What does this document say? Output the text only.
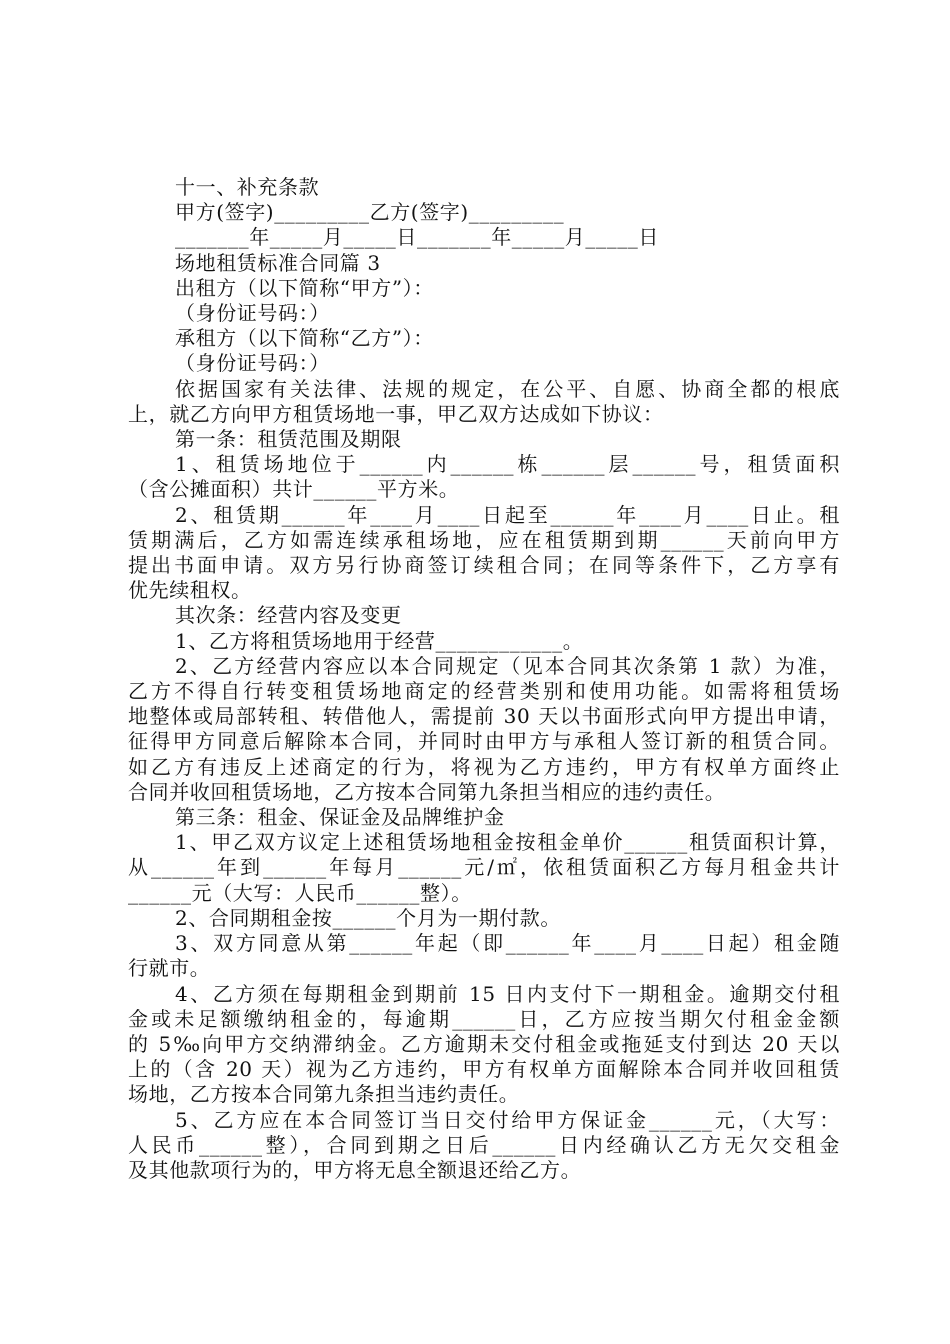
十一、补充条款

甲方(签字)_________乙方(签字)_________

_______年_____月_____日_______年_____月_____日

场地租赁标准合同篇 3

出租方（以下简称“甲方”）：

（身份证号码：）

承租方（以下简称“乙方”）：

（身份证号码：）

依据国家有关法律、法规的规定，在公平、自愿、协商全都的根底

上，就乙方向甲方租赁场地一事，甲乙双方达成如下协议：

第一条：租赁范围及期限

1、租赁场地位于______内______栋______层______号，租赁面积

（含公摊面积）共计______平方米。

2、租赁期______年____月____日起至______年____月____日止。租

赁期满后，乙方如需连续承租场地，应在租赁期到期______天前向甲方

提出书面申请。双方另行协商签订续租合同；在同等条件下，乙方享有

优先续租权。

其次条：经营内容及变更

1、乙方将租赁场地用于经营____________。

2、乙方经营内容应以本合同规定（见本合同其次条第 1 款）为准，

乙方不得自行转变租赁场地商定的经营类别和使用功能。如需将租赁场

地整体或局部转租、转借他人，需提前 30 天以书面形式向甲方提出申请，

征得甲方同意后解除本合同，并同时由甲方与承租人签订新的租赁合同。

如乙方有违反上述商定的行为，将视为乙方违约，甲方有权单方面终止

合同并收回租赁场地，乙方按本合同第九条担当相应的违约责任。

第三条：租金、保证金及品牌维护金

1、甲乙双方议定上述租赁场地租金按租金单价______租赁面积计算，

从______年到______年每月______元/㎡，依租赁面积乙方每月租金共计

______元（大写：人民币______整）。

2、合同期租金按______个月为一期付款。

3、双方同意从第______年起（即______年____月____日起）租金随

行就市。

4、乙方须在每期租金到期前 15 日内支付下一期租金。逾期交付租

金或未足额缴纳租金的，每逾期______日，乙方应按当期欠付租金金额

的 5‰向甲方交纳滞纳金。乙方逾期未交付租金或拖延支付到达 20 天以

上的（含 20 天）视为乙方违约，甲方有权单方面解除本合同并收回租赁

场地，乙方按本合同第九条担当违约责任。

5、乙方应在本合同签订当日交付给甲方保证金______元，（大写：

人民币______整），合同到期之日后______日内经确认乙方无欠交租金

及其他款项行为的，甲方将无息全额退还给乙方。
